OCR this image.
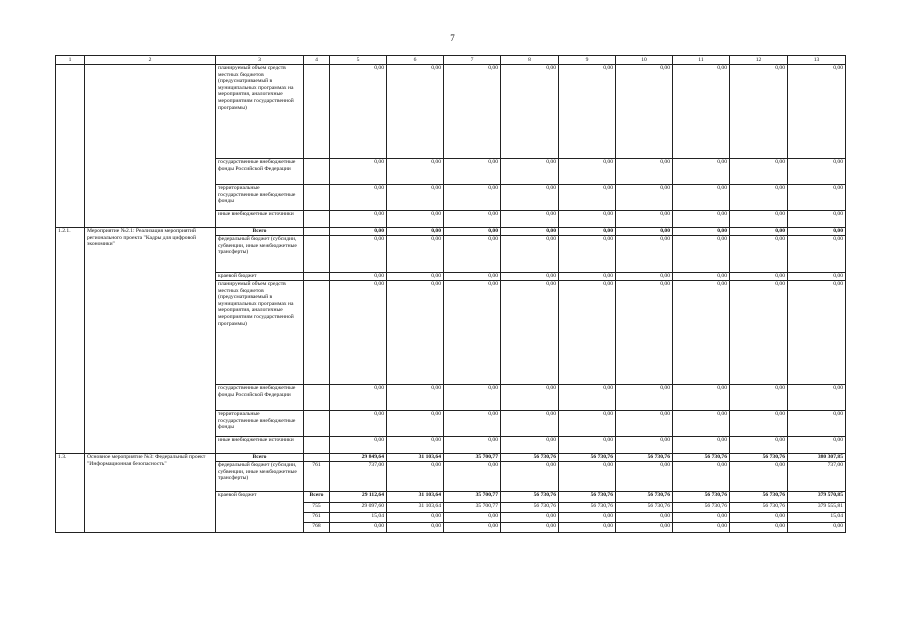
7
1	2	3	4	5	6	7	8	9	10	11	12	13
		планируемый объем средств местных бюджетов (предусматриваемый в муниципальных программах на мероприятия, аналогичные мероприятиям государственной программы)		0,00	0,00	0,00	0,00	0,00	0,00	0,00	0,00	0,00
		государственные внебюджетные фонды Российской Федерации		0,00	0,00	0,00	0,00	0,00	0,00	0,00	0,00	0,00
		территориальные государственные внебюджетные фонды		0,00	0,00	0,00	0,00	0,00	0,00	0,00	0,00	0,00
		иные внебюджетные источники		0,00	0,00	0,00	0,00	0,00	0,00	0,00	0,00	0,00
1.2.1.	Мероприятие №2.1: Реализация мероприятий регионального проекта "Кадры для цифровой экономики"	Всего		0,00	0,00	0,00	0,00	0,00	0,00	0,00	0,00	0,00
		федеральный бюджет (субсидии, субвенции, иные межбюджетные трансферты)		0,00	0,00	0,00	0,00	0,00	0,00	0,00	0,00	0,00
		краевой бюджет		0,00	0,00	0,00	0,00	0,00	0,00	0,00	0,00	0,00
		планируемый объем средств местных бюджетов (предусматриваемый в муниципальных программах на мероприятия, аналогичные мероприятиям государственной программы)		0,00	0,00	0,00	0,00	0,00	0,00	0,00	0,00	0,00
		государственные внебюджетные фонды Российской Федерации		0,00	0,00	0,00	0,00	0,00	0,00	0,00	0,00	0,00
		территориальные государственные внебюджетные фонды		0,00	0,00	0,00	0,00	0,00	0,00	0,00	0,00	0,00
		иные внебюджетные источники		0,00	0,00	0,00	0,00	0,00	0,00	0,00	0,00	0,00
1.3.	Основное мероприятие №3: Федеральный проект "Информационная безопасность"	Всего		29 849,64	31 103,64	35 700,77	56 730,76	56 730,76	56 730,76	56 730,76	56 730,76	380 307,85
		федеральный бюджет (субсидии, субвенции, иные межбюджетные трансферты)	761	737,00	0,00	0,00	0,00	0,00	0,00	0,00	0,00	737,00
		краевой бюджет	Всего	29 112,64	31 103,64	35 700,77	56 730,76	56 730,76	56 730,76	56 730,76	56 730,76	379 570,85
			755	29 097,60	31 103,64	35 700,77	56 730,76	56 730,76	56 730,76	56 730,76	56 730,76	379 555,81
			761	15,04	0,00	0,00	0,00	0,00	0,00	0,00	0,00	15,04
			768	0,00	0,00	0,00	0,00	0,00	0,00	0,00	0,00	0,00
